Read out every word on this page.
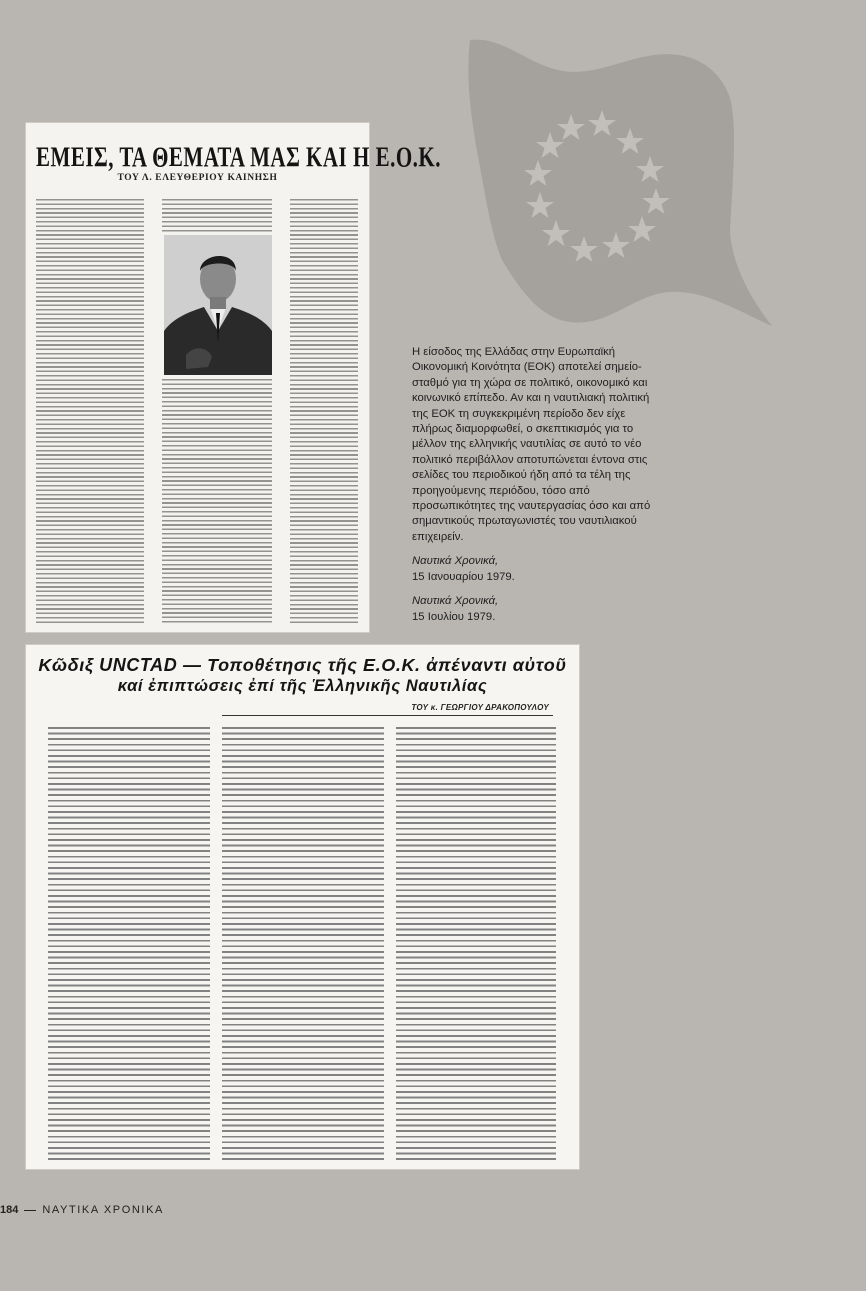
ΕΜΕΙΣ, ΤΑ ΘΕΜΑΤΑ ΜΑΣ ΚΑΙ Η Ε.Ο.Κ.
ΤΟΥ Λ. ΕΛΕΥΘΕΡΙΟΥ ΚΑΙΝΗΣΗ

Η είσοδος της Ελλάδας στην Ευρωπαϊκή Οικονομική Κοινότητα (ΕΟΚ) αποτελεί σημείο-σταθμό για τη χώρα σε πολιτικό, οικονομικό και κοινωνικό επίπεδο. Αν και η ναυτιλιακή πολιτική της ΕΟΚ τη συγκεκριμένη περίοδο δεν είχε πλήρως διαμορφωθεί, ο σκεπτικισμός για το μέλλον της ελληνικής ναυτιλίας σε αυτό το νέο πολιτικό περιβάλλον αποτυπώνεται έντονα στις σελίδες του περιοδικού ήδη από τα τέλη της προηγούμενης περιόδου, τόσο από προσωπικότητες της ναυτεργασίας όσο και από σημαντικούς πρωταγωνιστές του ναυτιλιακού επιχειρείν.

Ναυτικά Χρονικά,
15 Ιανουαρίου 1979.
Ναυτικά Χρονικά,
15 Ιουλίου 1979.
Κῶδιξ UNCTAD — Τοποθέτησις τῆς Ε.Ο.Κ. ἀπέναντι αὐτοῦ
καί ἐπιπτώσεις ἐπί τῆς Ἑλληνικῆς Ναυτιλίας
ΤΟΥ κ. ΓΕΩΡΓΙΟΥ ΔΡΑΚΟΠΟΥΛΟΥ
184 ΝΑΥΤΙΚΑ ΧΡΟΝΙΚΑ
